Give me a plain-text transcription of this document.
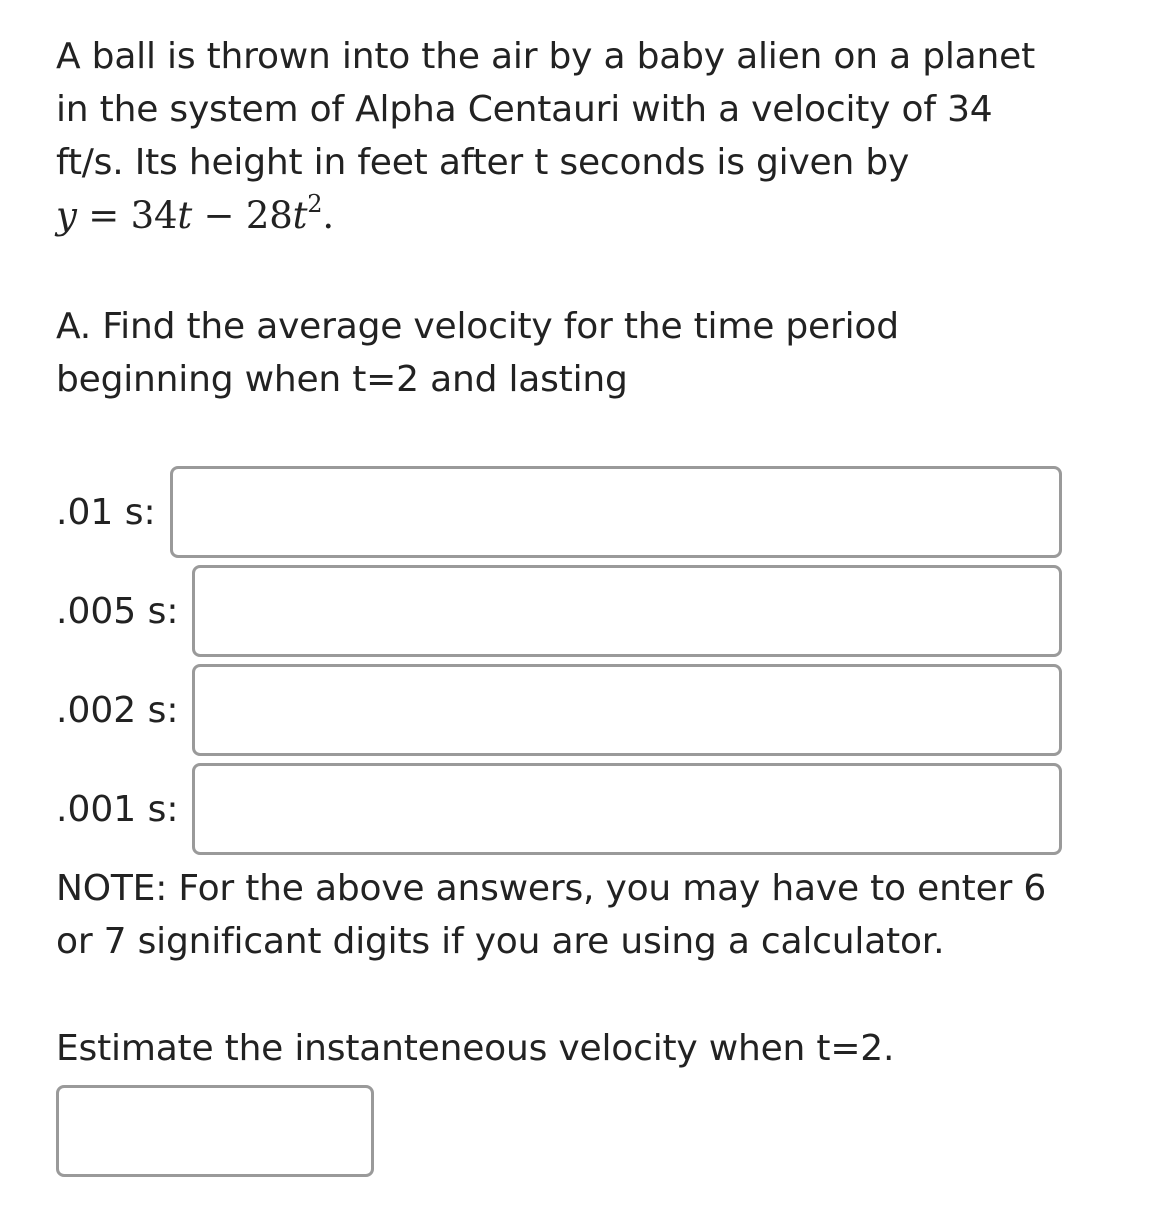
A ball is thrown into the air by a baby alien on a planet
in the system of Alpha Centauri with a velocity of 34
ft/s. Its height in feet after t seconds is given by
$y = 34t - 28t^2$.
A. Find the average velocity for the time period
beginning when t=2 and lasting
.01 s:
.005 s:
.002 s:
.001 s:
NOTE: For the above answers, you may have to enter 6
or 7 significant digits if you are using a calculator.
Estimate the instanteneous velocity when t=2.
